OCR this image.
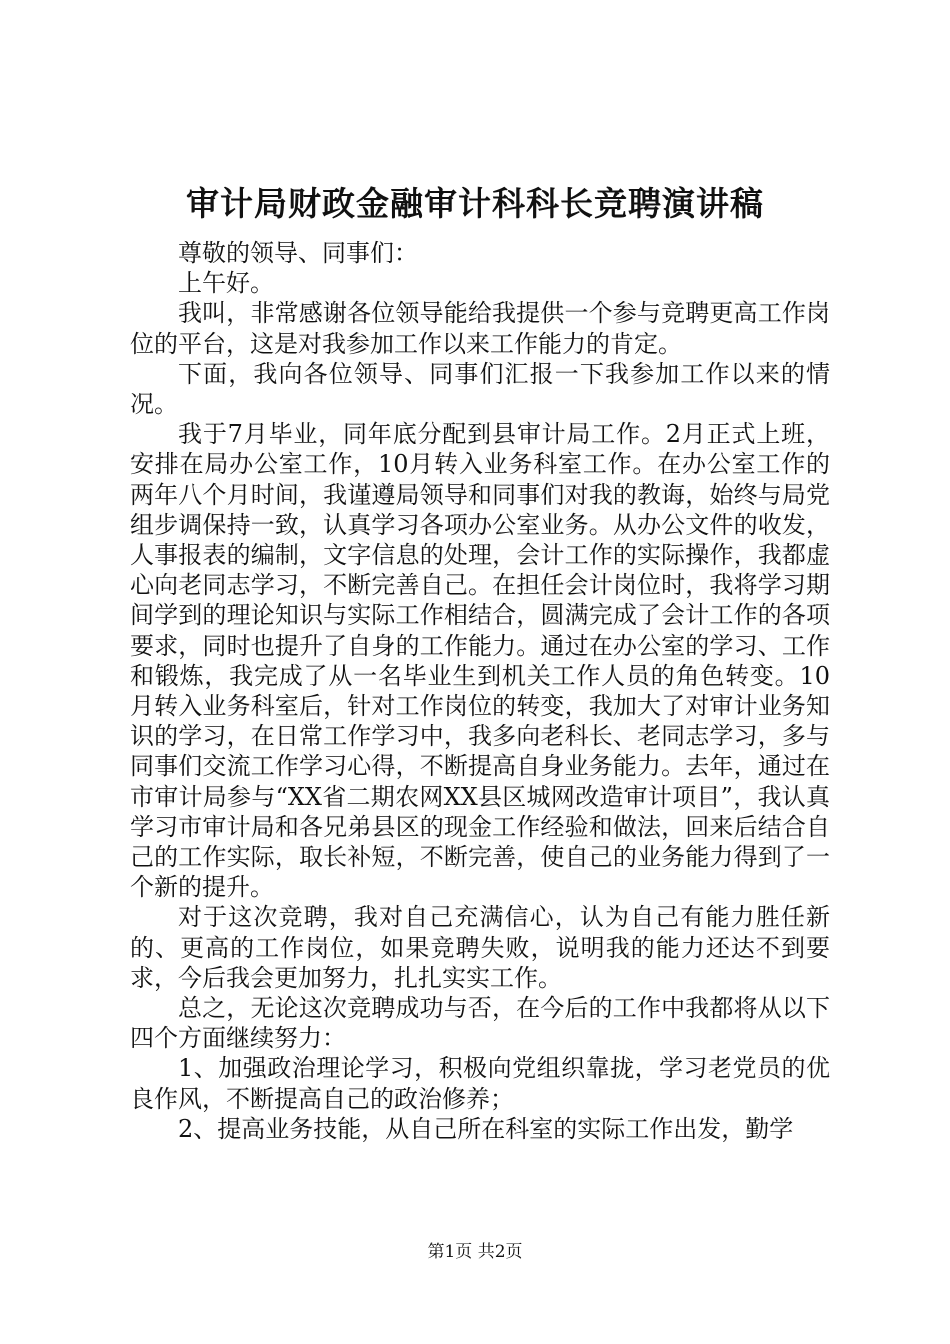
审计局财政金融审计科科长竞聘演讲稿

尊敬的领导、同事们：

上午好。

我叫，非常感谢各位领导能给我提供一个参与竞聘更高工作岗位的平台，这是对我参加工作以来工作能力的肯定。

下面，我向各位领导、同事们汇报一下我参加工作以来的情况。

我于7月毕业，同年底分配到县审计局工作。2月正式上班，安排在局办公室工作，10月转入业务科室工作。在办公室工作的两年八个月时间，我谨遵局领导和同事们对我的教诲，始终与局党组步调保持一致，认真学习各项办公室业务。从办公文件的收发，人事报表的编制，文字信息的处理，会计工作的实际操作，我都虚心向老同志学习，不断完善自己。在担任会计岗位时，我将学习期间学到的理论知识与实际工作相结合，圆满完成了会计工作的各项要求，同时也提升了自身的工作能力。通过在办公室的学习、工作和锻炼，我完成了从一名毕业生到机关工作人员的角色转变。10月转入业务科室后，针对工作岗位的转变，我加大了对审计业务知识的学习，在日常工作学习中，我多向老科长、老同志学习，多与同事们交流工作学习心得，不断提高自身业务能力。去年，通过在市审计局参与“XX省二期农网XX县区城网改造审计项目”，我认真学习市审计局和各兄弟县区的现金工作经验和做法，回来后结合自己的工作实际，取长补短，不断完善，使自己的业务能力得到了一个新的提升。

对于这次竞聘，我对自己充满信心，认为自己有能力胜任新的、更高的工作岗位，如果竞聘失败，说明我的能力还达不到要求，今后我会更加努力，扎扎实实工作。

总之，无论这次竞聘成功与否，在今后的工作中我都将从以下四个方面继续努力：

1、加强政治理论学习，积极向党组织靠拢，学习老党员的优良作风，不断提高自己的政治修养；

2、提高业务技能，从自己所在科室的实际工作出发，勤学

第1页 共2页
